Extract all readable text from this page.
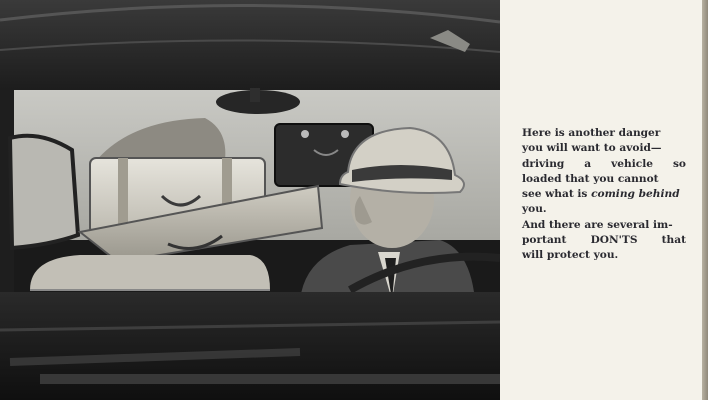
Here is another danger
you will want to avoid—
driving a vehicle so
loaded that you cannot
see what is coming behind
you.
And there are several im-
portant DON'TS that
will protect you.
